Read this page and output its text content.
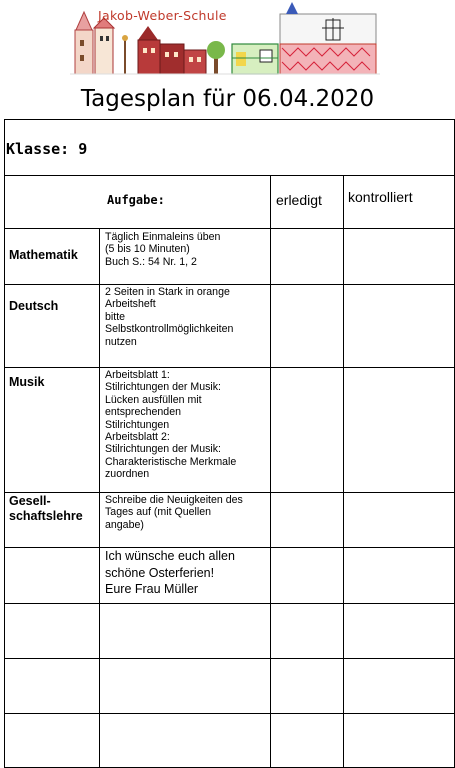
Jakob-Weber-Schule
Tagesplan für 06.04.2020
Klasse: 9
Aufgabe:	erledigt kontrolliert
Mathematik
Täglich Einmaleins üben
(5 bis 10 Minuten)
Buch S.: 54 Nr. 1, 2
Deutsch
2 Seiten in Stark in orange
Arbeitsheft
bitte
Selbstkontrollmöglichkeiten
nutzen
Musik	Arbeitsblatt 1:
Stilrichtungen der Musik:
Lücken ausfüllen mit
entsprechenden
Stilrichtungen
Arbeitsblatt 2:
Stilrichtungen der Musik:
Charakteristische Merkmale
zuordnen
Gesell-
schaftslehre
Schreibe die Neuigkeiten des
Tages auf (mit Quellen
angabe)
Ich wünsche euch allen
schöne Osterferien!
Eure Frau Müller
